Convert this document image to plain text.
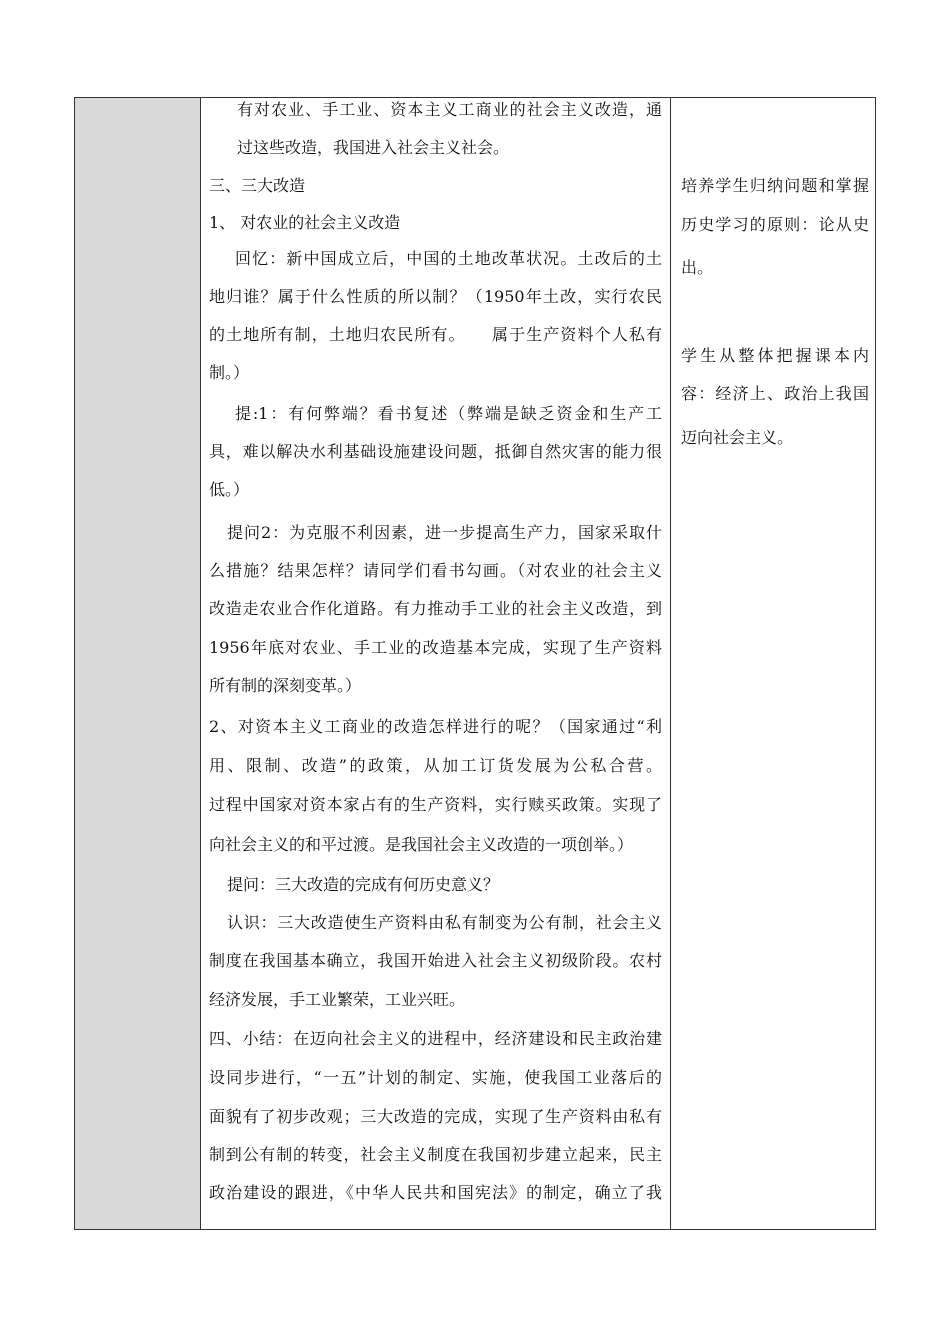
有对农业、手工业、资本主义工商业的社会主义改造，通
过这些改造，我国进入社会主义社会。
三、三大改造
1、 对农业的社会主义改造
回忆：新中国成立后，中国的土地改革状况。土改后的土
地归谁？属于什么性质的所以制？（1950年土改，实行农民
的土地所有制，土地归农民所有。　　属于生产资料个人私有
制。）
提:1：有何弊端？看书复述（弊端是缺乏资金和生产工
具，难以解决水利基础设施建设问题，抵御自然灾害的能力很
低。）
提问2：为克服不利因素，进一步提高生产力，国家采取什
么措施？结果怎样？请同学们看书勾画。（对农业的社会主义
改造走农业合作化道路。有力推动手工业的社会主义改造，到
1956年底对农业、手工业的改造基本完成，实现了生产资料
所有制的深刻变革。）
2、对资本主义工商业的改造怎样进行的呢？（国家通过“利
用、限制、改造”的政策，从加工订货发展为公私合营。
过程中国家对资本家占有的生产资料，实行赎买政策。实现了
向社会主义的和平过渡。是我国社会主义改造的一项创举。）
提问：三大改造的完成有何历史意义？
认识：三大改造使生产资料由私有制变为公有制，社会主义
制度在我国基本确立，我国开始进入社会主义初级阶段。农村
经济发展，手工业繁荣，工业兴旺。
四、小结：在迈向社会主义的进程中，经济建设和民主政治建
设同步进行，“一五”计划的制定、实施，使我国工业落后的
面貌有了初步改观；三大改造的完成，实现了生产资料由私有
制到公有制的转变，社会主义制度在我国初步建立起来，民主
政治建设的跟进，《中华人民共和国宪法》的制定，确立了我
培养学生归纳问题和掌握
历史学习的原则：论从史
出。
学生从整体把握课本内
容：经济上、政治上我国
迈向社会主义。
